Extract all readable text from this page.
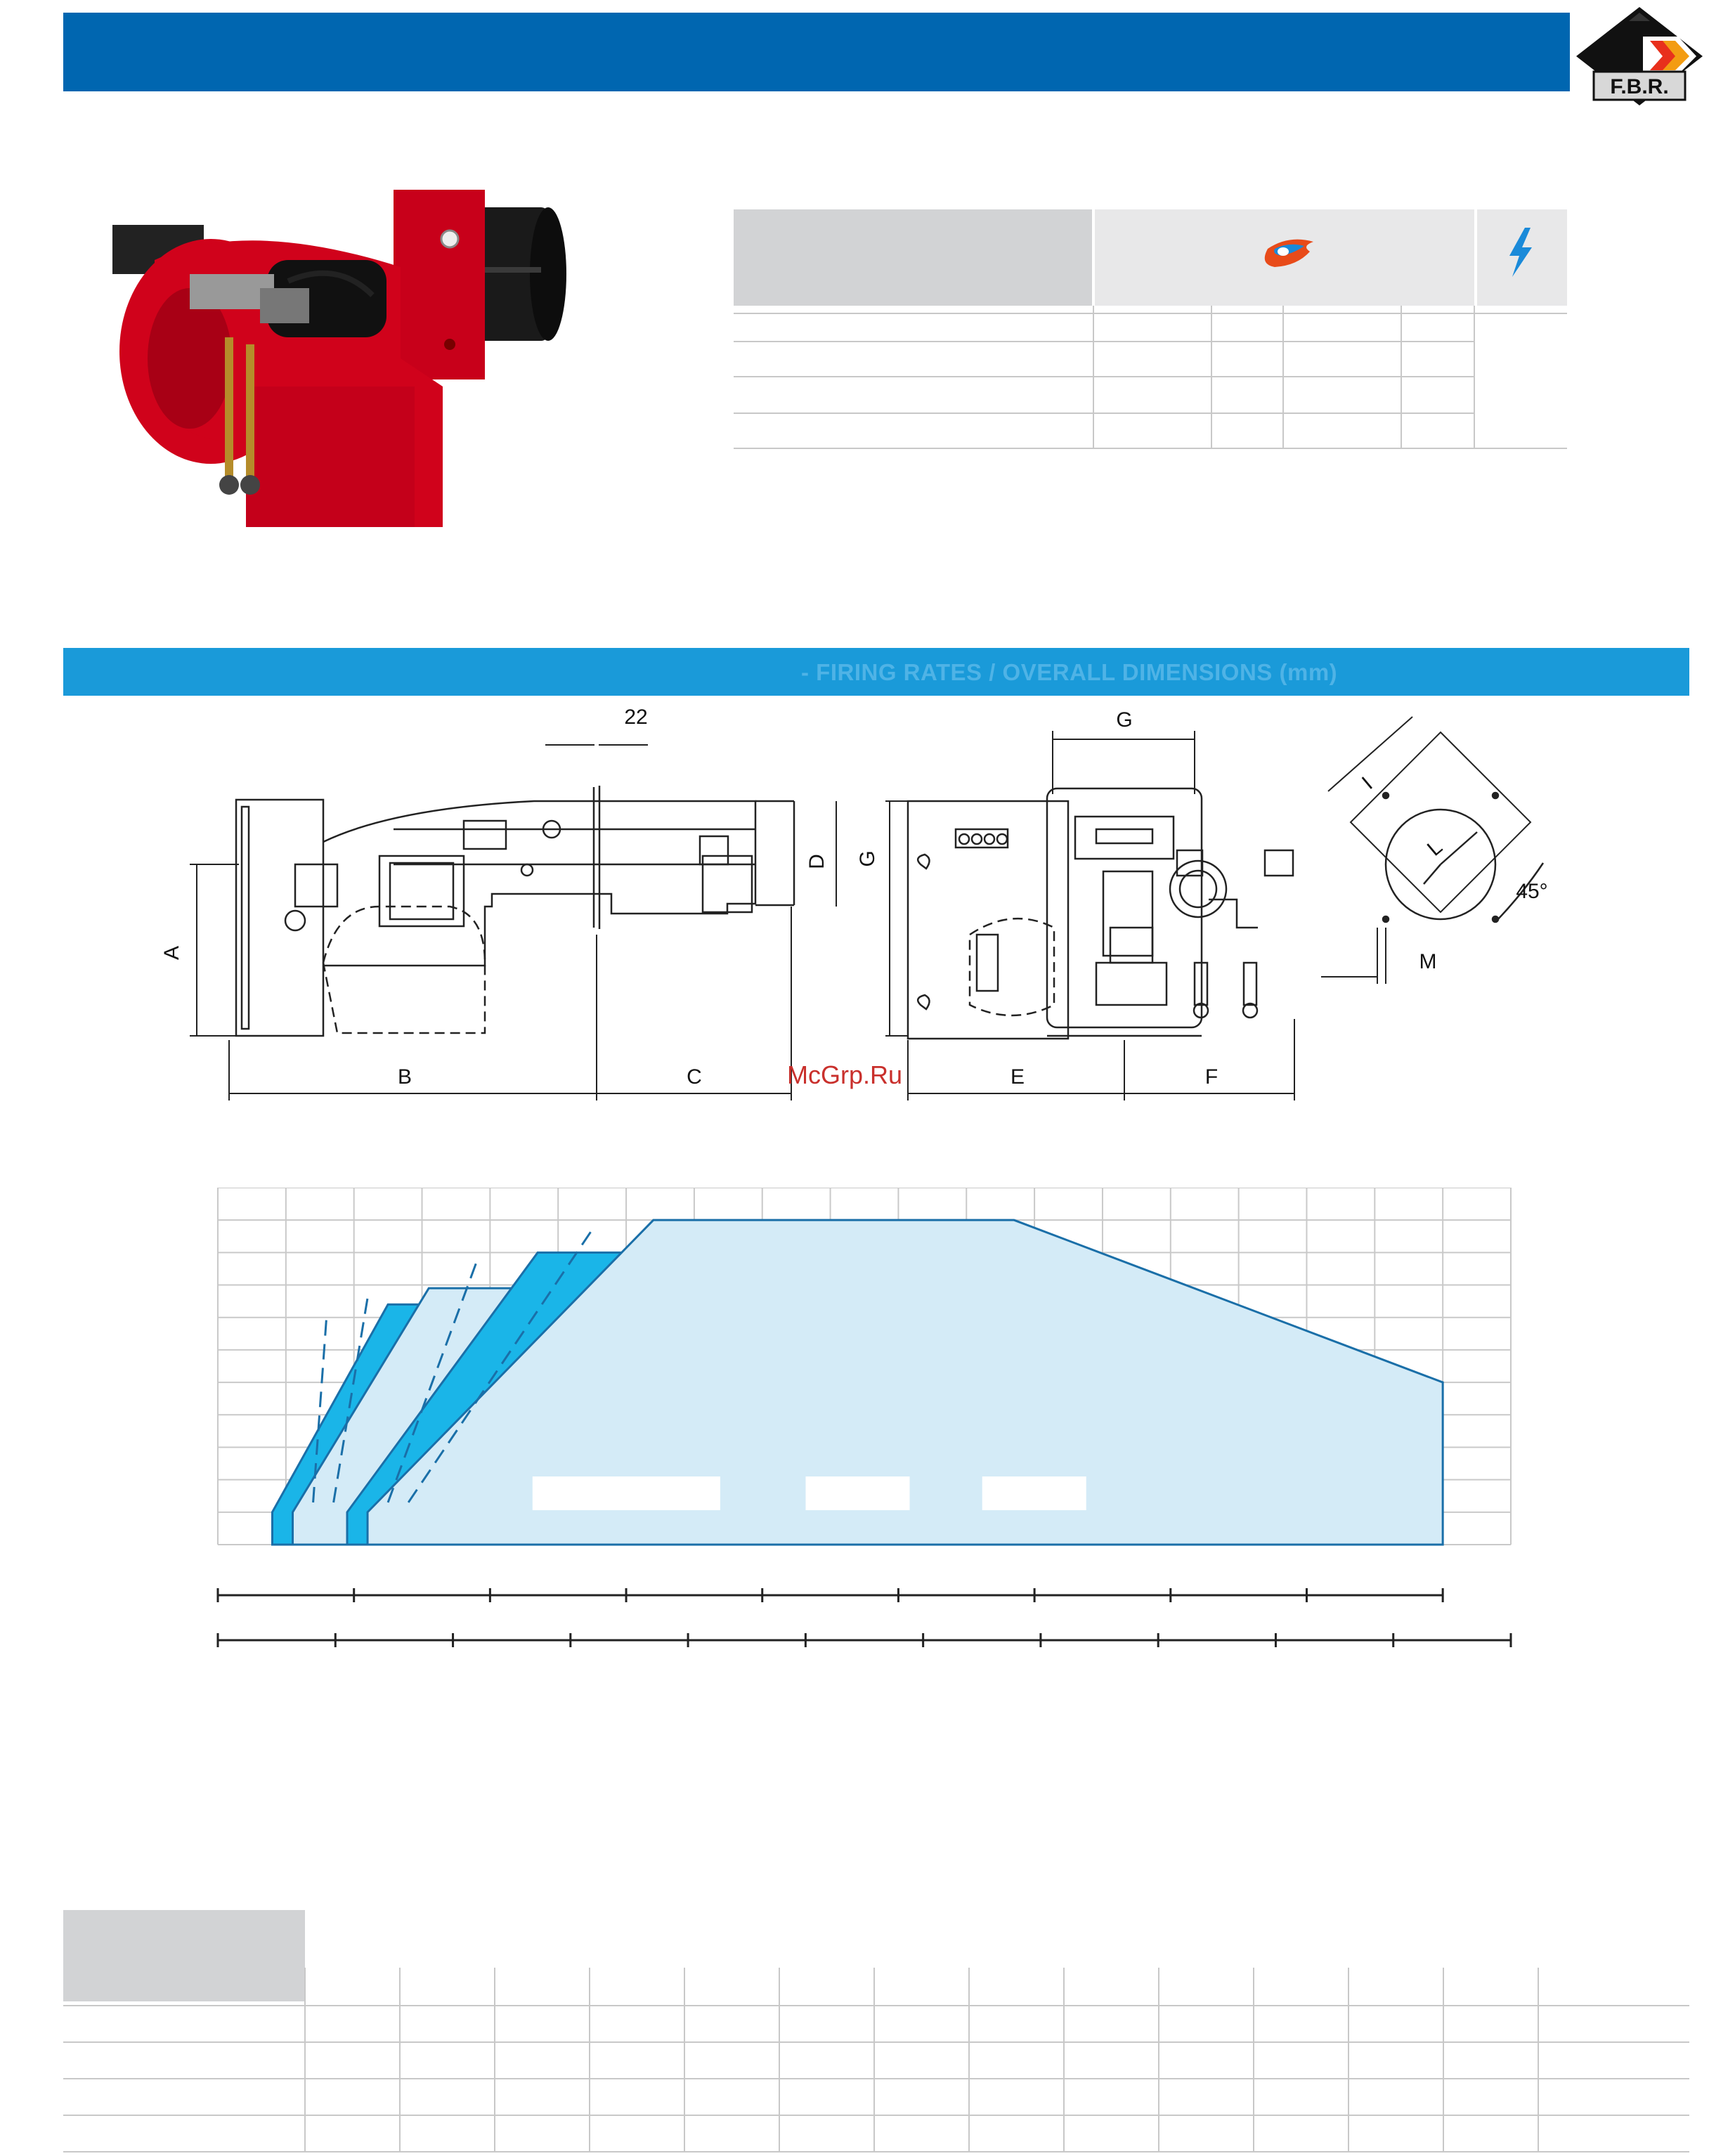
F.B.R.
- FIRING RATES / OVERALL DIMENSIONS (mm)
22	G
D G
A
B	C	E	F
I
L
M
45°
McGrp.Ru
